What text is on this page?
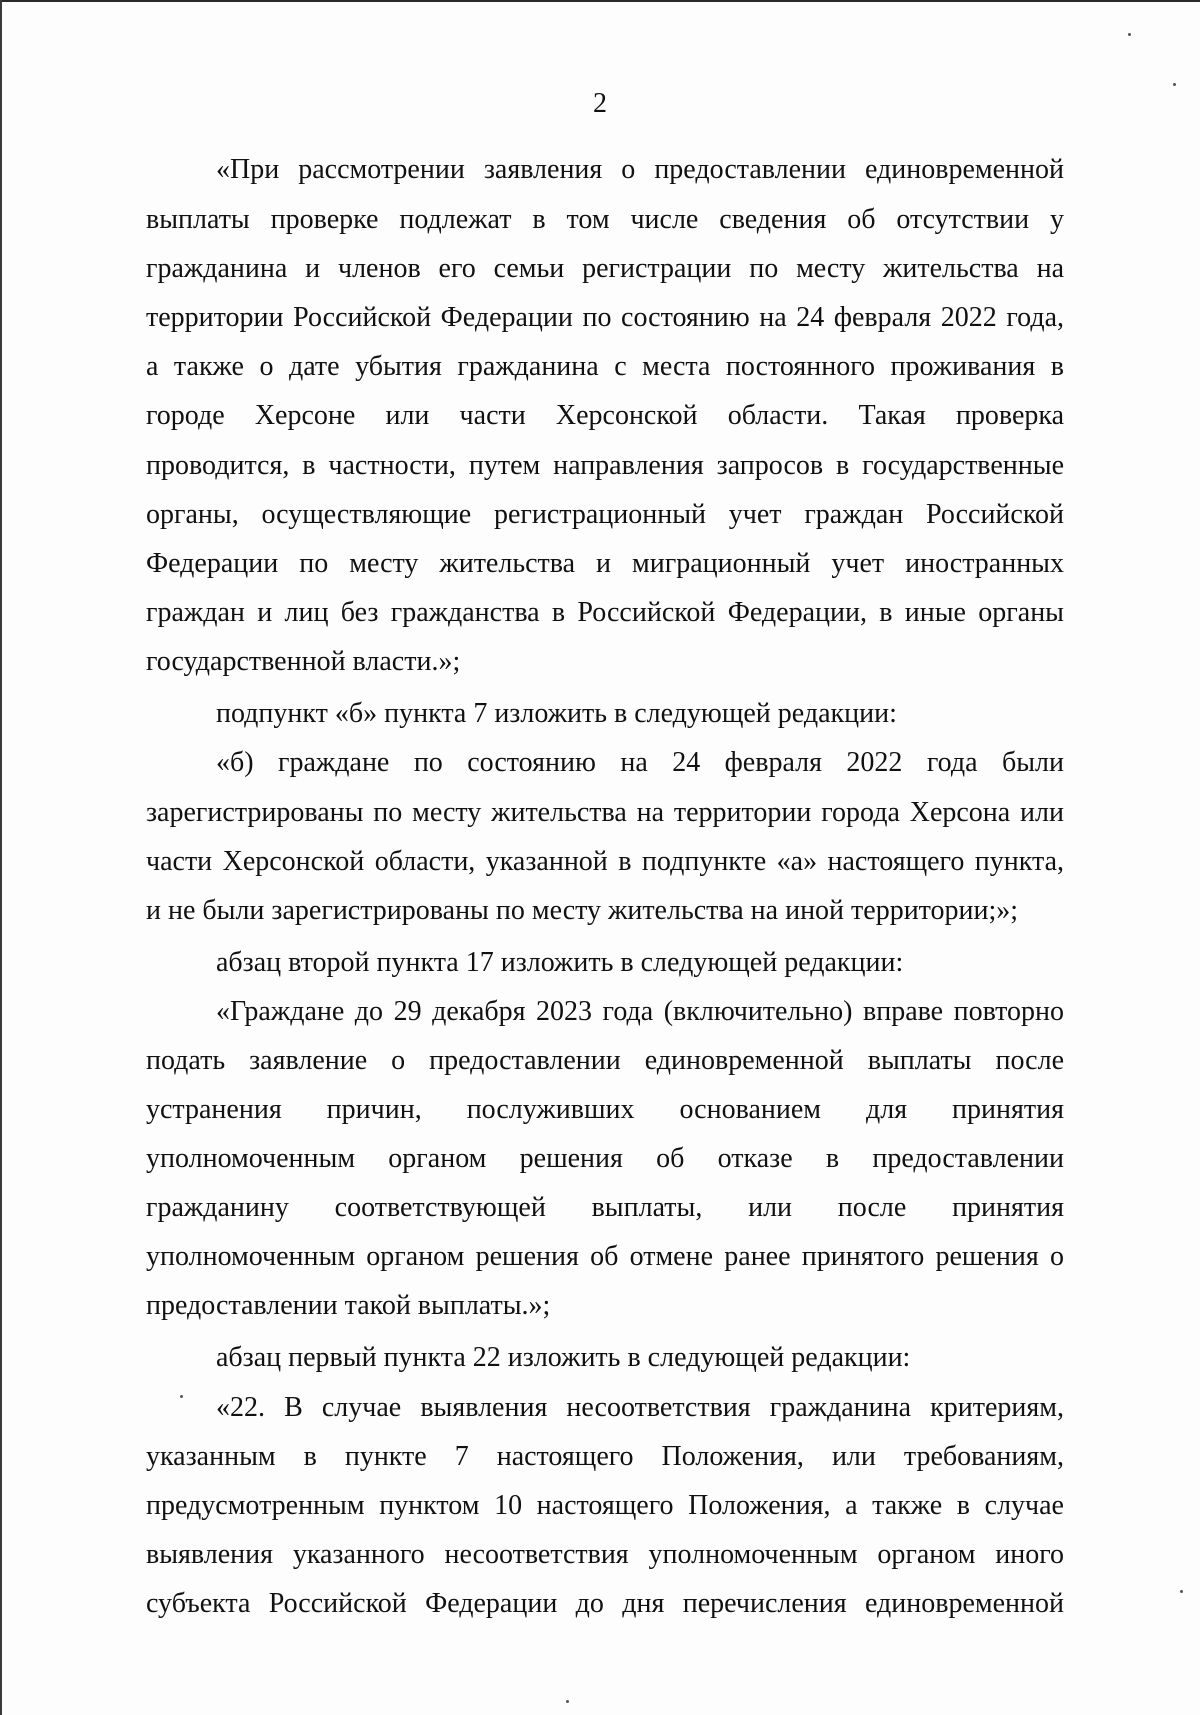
2
«При рассмотрении заявления о предоставлении единовременной
выплаты проверке подлежат в том числе сведения об отсутствии у
гражданина и членов его семьи регистрации по месту жительства на
территории Российской Федерации по состоянию на 24 февраля 2022 года,
а также о дате убытия гражданина с места постоянного проживания в
городе Херсоне или части Херсонской области. Такая проверка
проводится, в частности, путем направления запросов в государственные
органы, осуществляющие регистрационный учет граждан Российской
Федерации по месту жительства и миграционный учет иностранных
граждан и лиц без гражданства в Российской Федерации, в иные органы
государственной власти.»;
подпункт «б» пункта 7 изложить в следующей редакции:
«б) граждане по состоянию на 24 февраля 2022 года были
зарегистрированы по месту жительства на территории города Херсона или
части Херсонской области, указанной в подпункте «а» настоящего пункта,
и не были зарегистрированы по месту жительства на иной территории;»;
абзац второй пункта 17 изложить в следующей редакции:
«Граждане до 29 декабря 2023 года (включительно) вправе повторно
подать заявление о предоставлении единовременной выплаты после
устранения причин, послуживших основанием для принятия
уполномоченным органом решения об отказе в предоставлении
гражданину соответствующей выплаты, или после принятия
уполномоченным органом решения об отмене ранее принятого решения о
предоставлении такой выплаты.»;
абзац первый пункта 22 изложить в следующей редакции:
«22. В случае выявления несоответствия гражданина критериям,
указанным в пункте 7 настоящего Положения, или требованиям,
предусмотренным пунктом 10 настоящего Положения, а также в случае
выявления указанного несоответствия уполномоченным органом иного
субъекта Российской Федерации до дня перечисления единовременной
